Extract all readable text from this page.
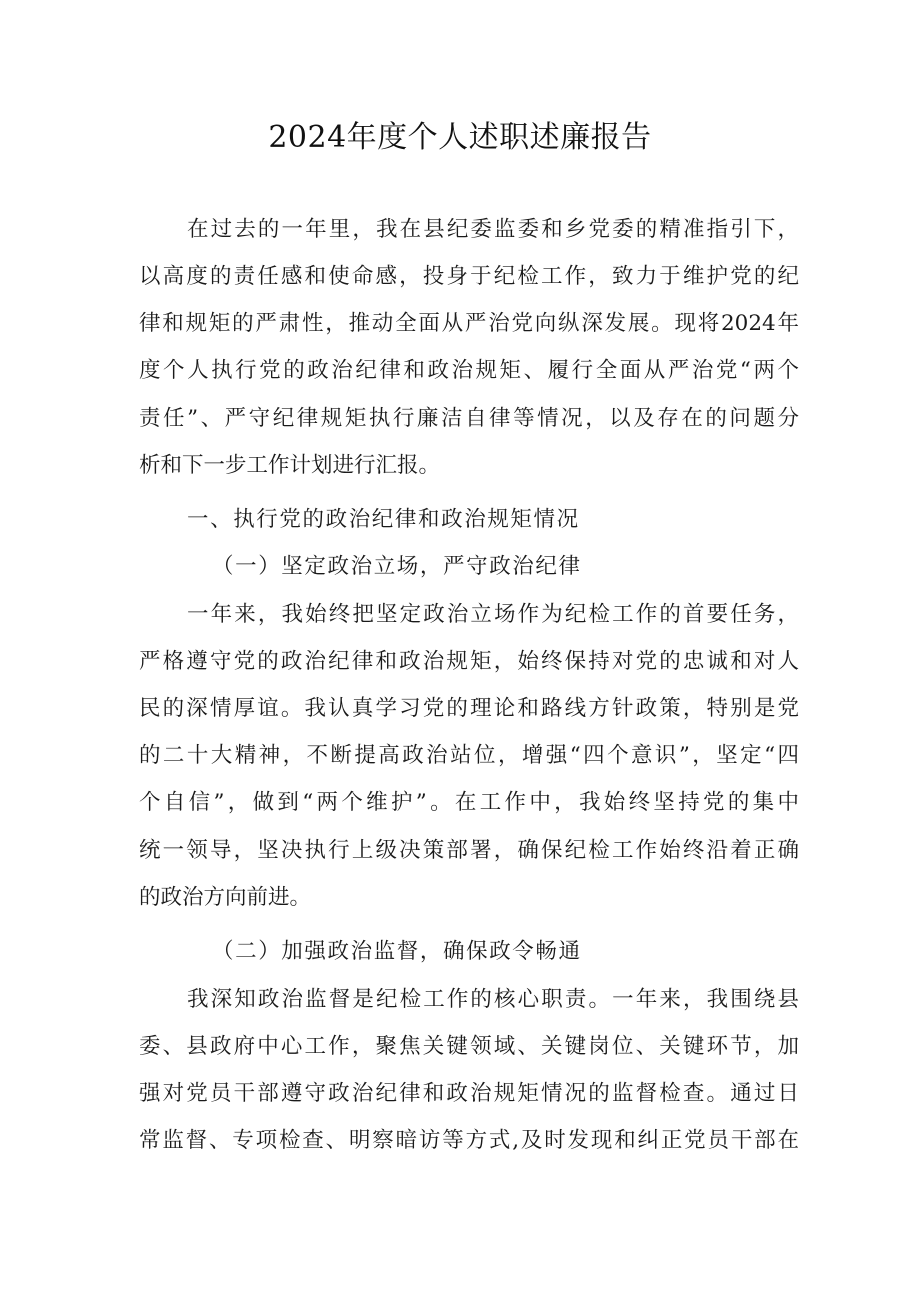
2024年度个人述职述廉报告
在过去的一年里，我在县纪委监委和乡党委的精准指引下，
以高度的责任感和使命感，投身于纪检工作，致力于维护党的纪
律和规矩的严肃性，推动全面从严治党向纵深发展。现将2024年
度个人执行党的政治纪律和政治规矩、履行全面从严治党“两个
责任”、严守纪律规矩执行廉洁自律等情况，以及存在的问题分
析和下一步工作计划进行汇报。
一、执行党的政治纪律和政治规矩情况
（一）坚定政治立场，严守政治纪律
一年来，我始终把坚定政治立场作为纪检工作的首要任务，
严格遵守党的政治纪律和政治规矩，始终保持对党的忠诚和对人
民的深情厚谊。我认真学习党的理论和路线方针政策，特别是党
的二十大精神，不断提高政治站位，增强“四个意识”，坚定“四
个自信”，做到“两个维护”。在工作中，我始终坚持党的集中
统一领导，坚决执行上级决策部署，确保纪检工作始终沿着正确
的政治方向前进。
（二）加强政治监督，确保政令畅通
我深知政治监督是纪检工作的核心职责。一年来，我围绕县
委、县政府中心工作，聚焦关键领域、关键岗位、关键环节，加
强对党员干部遵守政治纪律和政治规矩情况的监督检查。通过日
常监督、专项检查、明察暗访等方式,及时发现和纠正党员干部在
